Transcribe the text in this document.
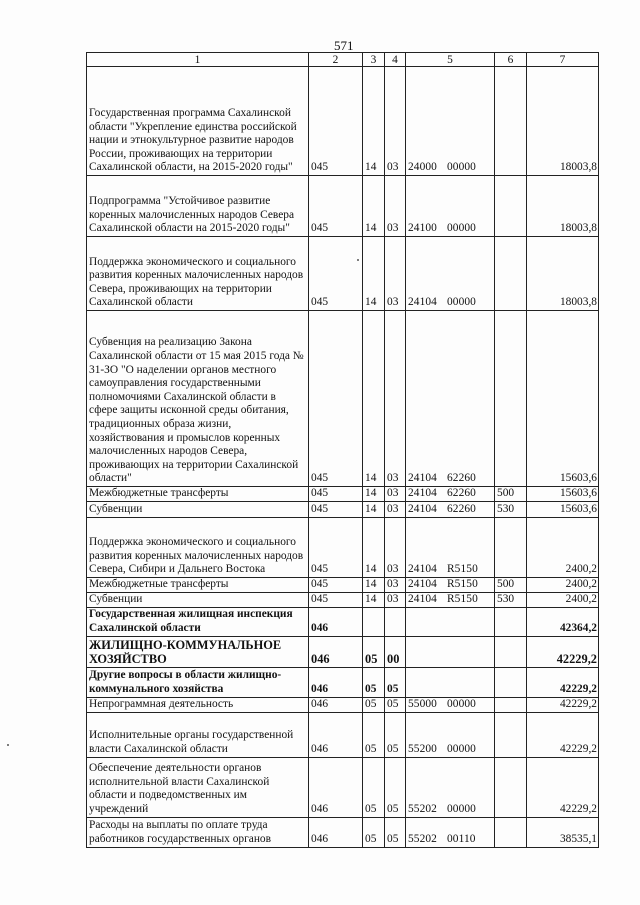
571
1	2	3	4	5	6	7
Государственная программа Сахалинской области "Укрепление единства российской нации и этнокультурное развитие народов России, проживающих на территории Сахалинской области, на 2015-2020 годы"	045	14	03	24000 00000		18003,8
Подпрограмма "Устойчивое развитие коренных малочисленных народов Севера Сахалинской области на 2015-2020 годы"	045	14	03	24100 00000		18003,8
Поддержка экономического и социального развития коренных малочисленных народов Севера, проживающих на территории Сахалинской области	045	14	03	24104 00000		18003,8
Субвенция на реализацию Закона Сахалинской области от 15 мая 2015 года № 31-ЗО "О наделении органов местного самоуправления государственными полномочиями Сахалинской области в сфере защиты исконной среды обитания, традиционных образа жизни, хозяйствования и промыслов коренных малочисленных народов Севера, проживающих на территории Сахалинской области"	045	14	03	24104 62260		15603,6
Межбюджетные трансферты	045	14	03	24104 62260	500	15603,6
Субвенции	045	14	03	24104 62260	530	15603,6
Поддержка экономического и социального развития коренных малочисленных народов Севера, Сибири и Дальнего Востока	045	14	03	24104 R5150		2400,2
Межбюджетные трансферты	045	14	03	24104 R5150	500	2400,2
Субвенции	045	14	03	24104 R5150	530	2400,2
Государственная жилищная инспекция Сахалинской области	046					42364,2
ЖИЛИЩНО-КОММУНАЛЬНОЕ ХОЗЯЙСТВО	046	05	00			42229,2
Другие вопросы в области жилищно-коммунального хозяйства	046	05	05			42229,2
Непрограммная деятельность	046	05	05	55000 00000		42229,2
Исполнительные органы государственной власти Сахалинской области	046	05	05	55200 00000		42229,2
Обеспечение деятельности органов исполнительной власти Сахалинской области и подведомственных им учреждений	046	05	05	55202 00000		42229,2
Расходы на выплаты по оплате труда работников государственных органов	046	05	05	55202 00110		38535,1
